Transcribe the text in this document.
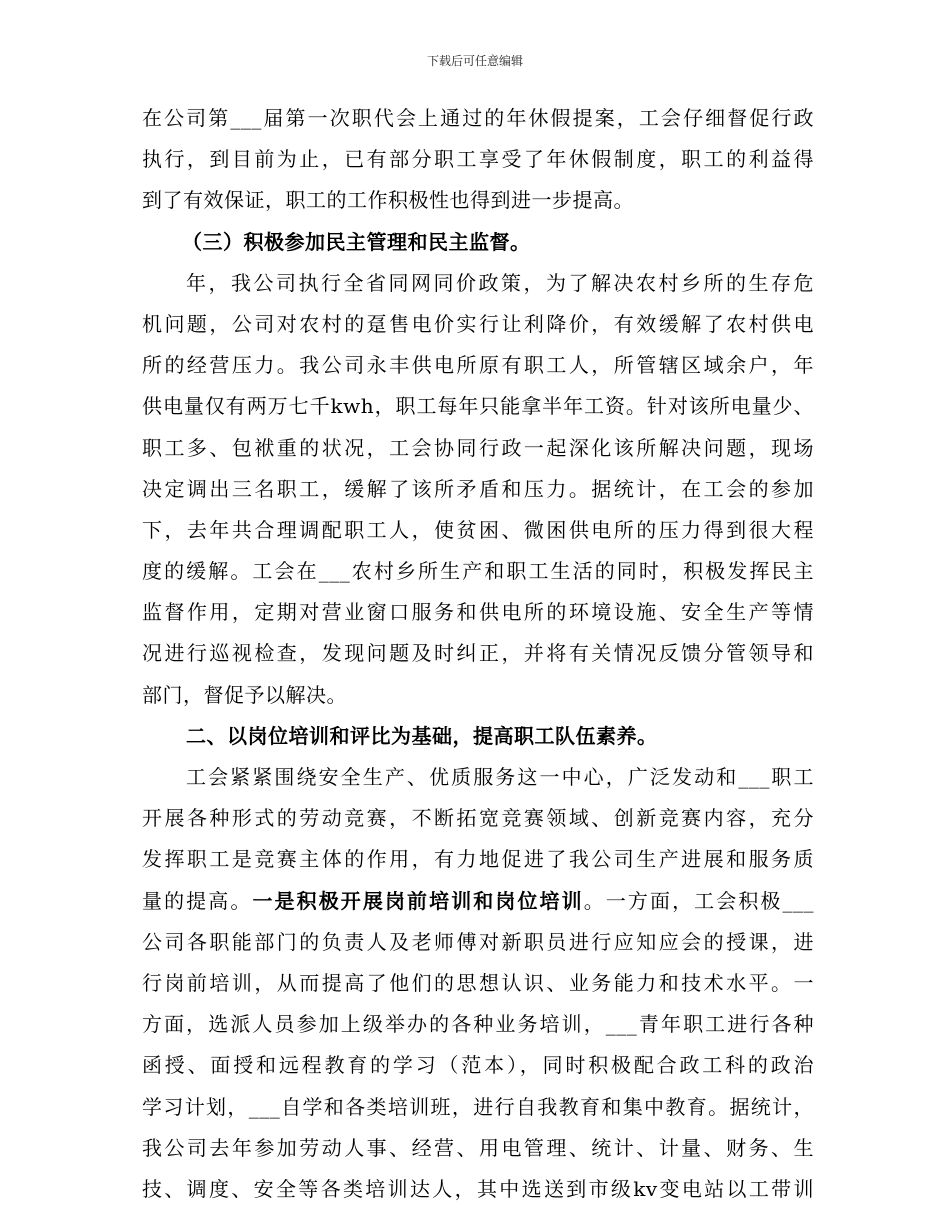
下载后可任意编辑
在公司第___届第一次职代会上通过的年休假提案，工会仔细督促行政
执行，到目前为止，已有部分职工享受了年休假制度，职工的利益得
到了有效保证，职工的工作积极性也得到进一步提高。
（三）积极参加民主管理和民主监督。
年，我公司执行全省同网同价政策，为了解决农村乡所的生存危
机问题，公司对农村的趸售电价实行让利降价，有效缓解了农村供电
所的经营压力。我公司永丰供电所原有职工人，所管辖区域余户，年
供电量仅有两万七千kwh，职工每年只能拿半年工资。针对该所电量少、
职工多、包袱重的状况，工会协同行政一起深化该所解决问题，现场
决定调出三名职工，缓解了该所矛盾和压力。据统计，在工会的参加
下，去年共合理调配职工人，使贫困、微困供电所的压力得到很大程
度的缓解。工会在___农村乡所生产和职工生活的同时，积极发挥民主
监督作用，定期对营业窗口服务和供电所的环境设施、安全生产等情
况进行巡视检查，发现问题及时纠正，并将有关情况反馈分管领导和
部门，督促予以解决。
二、以岗位培训和评比为基础，提高职工队伍素养。
工会紧紧围绕安全生产、优质服务这一中心，广泛发动和___职工
开展各种形式的劳动竞赛，不断拓宽竞赛领域、创新竞赛内容，充分
发挥职工是竞赛主体的作用，有力地促进了我公司生产进展和服务质
量的提高。一是积极开展岗前培训和岗位培训。一方面，工会积极___
公司各职能部门的负责人及老师傅对新职员进行应知应会的授课，进
行岗前培训，从而提高了他们的思想认识、业务能力和技术水平。一
方面，选派人员参加上级举办的各种业务培训，___青年职工进行各种
函授、面授和远程教育的学习（范本），同时积极配合政工科的政治
学习计划，___自学和各类培训班，进行自我教育和集中教育。据统计，
我公司去年参加劳动人事、经营、用电管理、统计、计量、财务、生
技、调度、安全等各类培训达人，其中选送到市级kv变电站以工带训
